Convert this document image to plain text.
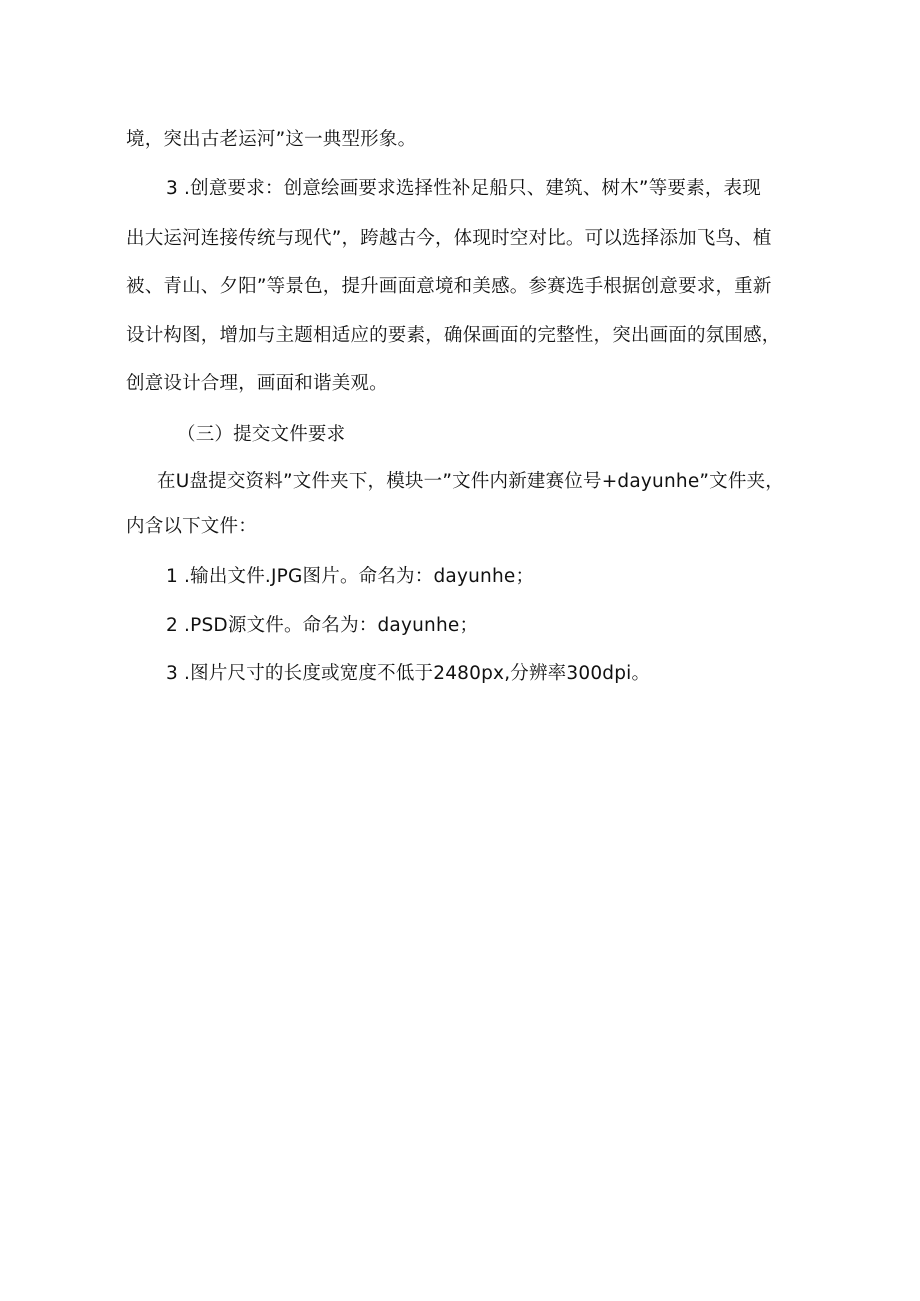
境，突出古老运河”这一典型形象。
3 .创意要求：创意绘画要求选择性补足船只、建筑、树木”等要素，表现
出大运河连接传统与现代”，跨越古今，体现时空对比。可以选择添加飞鸟、植
被、青山、夕阳”等景色，提升画面意境和美感。参赛选手根据创意要求，重新
设计构图，增加与主题相适应的要素，确保画面的完整性，突出画面的氛围感，
创意设计合理，画面和谐美观。
（三）提交文件要求
在U盘提交资料”文件夹下，模块一”文件内新建赛位号+dayunhe”文件夹，
内含以下文件：
1 .输出文件.JPG图片。命名为：dayunhe；
2 .PSD源文件。命名为：dayunhe；
3 .图片尺寸的长度或宽度不低于2480px,分辨率300dpi。
